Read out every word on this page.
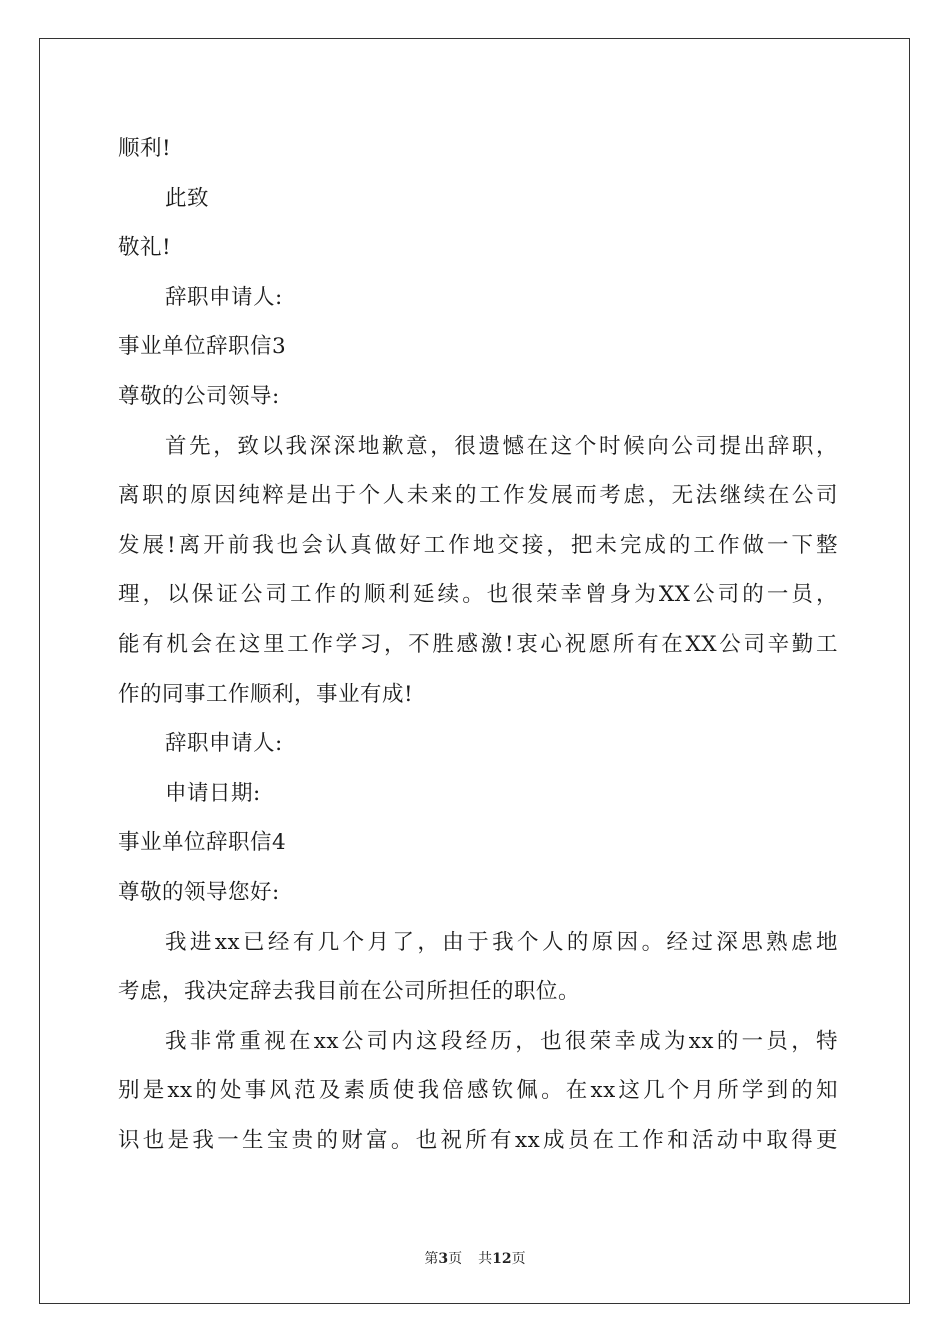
顺利!
此致
敬礼!
辞职申请人:
事业单位辞职信3
尊敬的公司领导:
首先，致以我深深地歉意，很遗憾在这个时候向公司提出辞职，
离职的原因纯粹是出于个人未来的工作发展而考虑，无法继续在公司
发展!离开前我也会认真做好工作地交接，把未完成的工作做一下整
理，以保证公司工作的顺利延续。也很荣幸曾身为XX公司的一员，
能有机会在这里工作学习，不胜感激!衷心祝愿所有在XX公司辛勤工
作的同事工作顺利，事业有成!
辞职申请人:
申请日期:
事业单位辞职信4
尊敬的领导您好:
我进xx已经有几个月了，由于我个人的原因。经过深思熟虑地
考虑，我决定辞去我目前在公司所担任的职位。
我非常重视在xx公司内这段经历，也很荣幸成为xx的一员，特
别是xx的处事风范及素质使我倍感钦佩。在xx这几个月所学到的知
识也是我一生宝贵的财富。也祝所有xx成员在工作和活动中取得更
第3页 共12页
